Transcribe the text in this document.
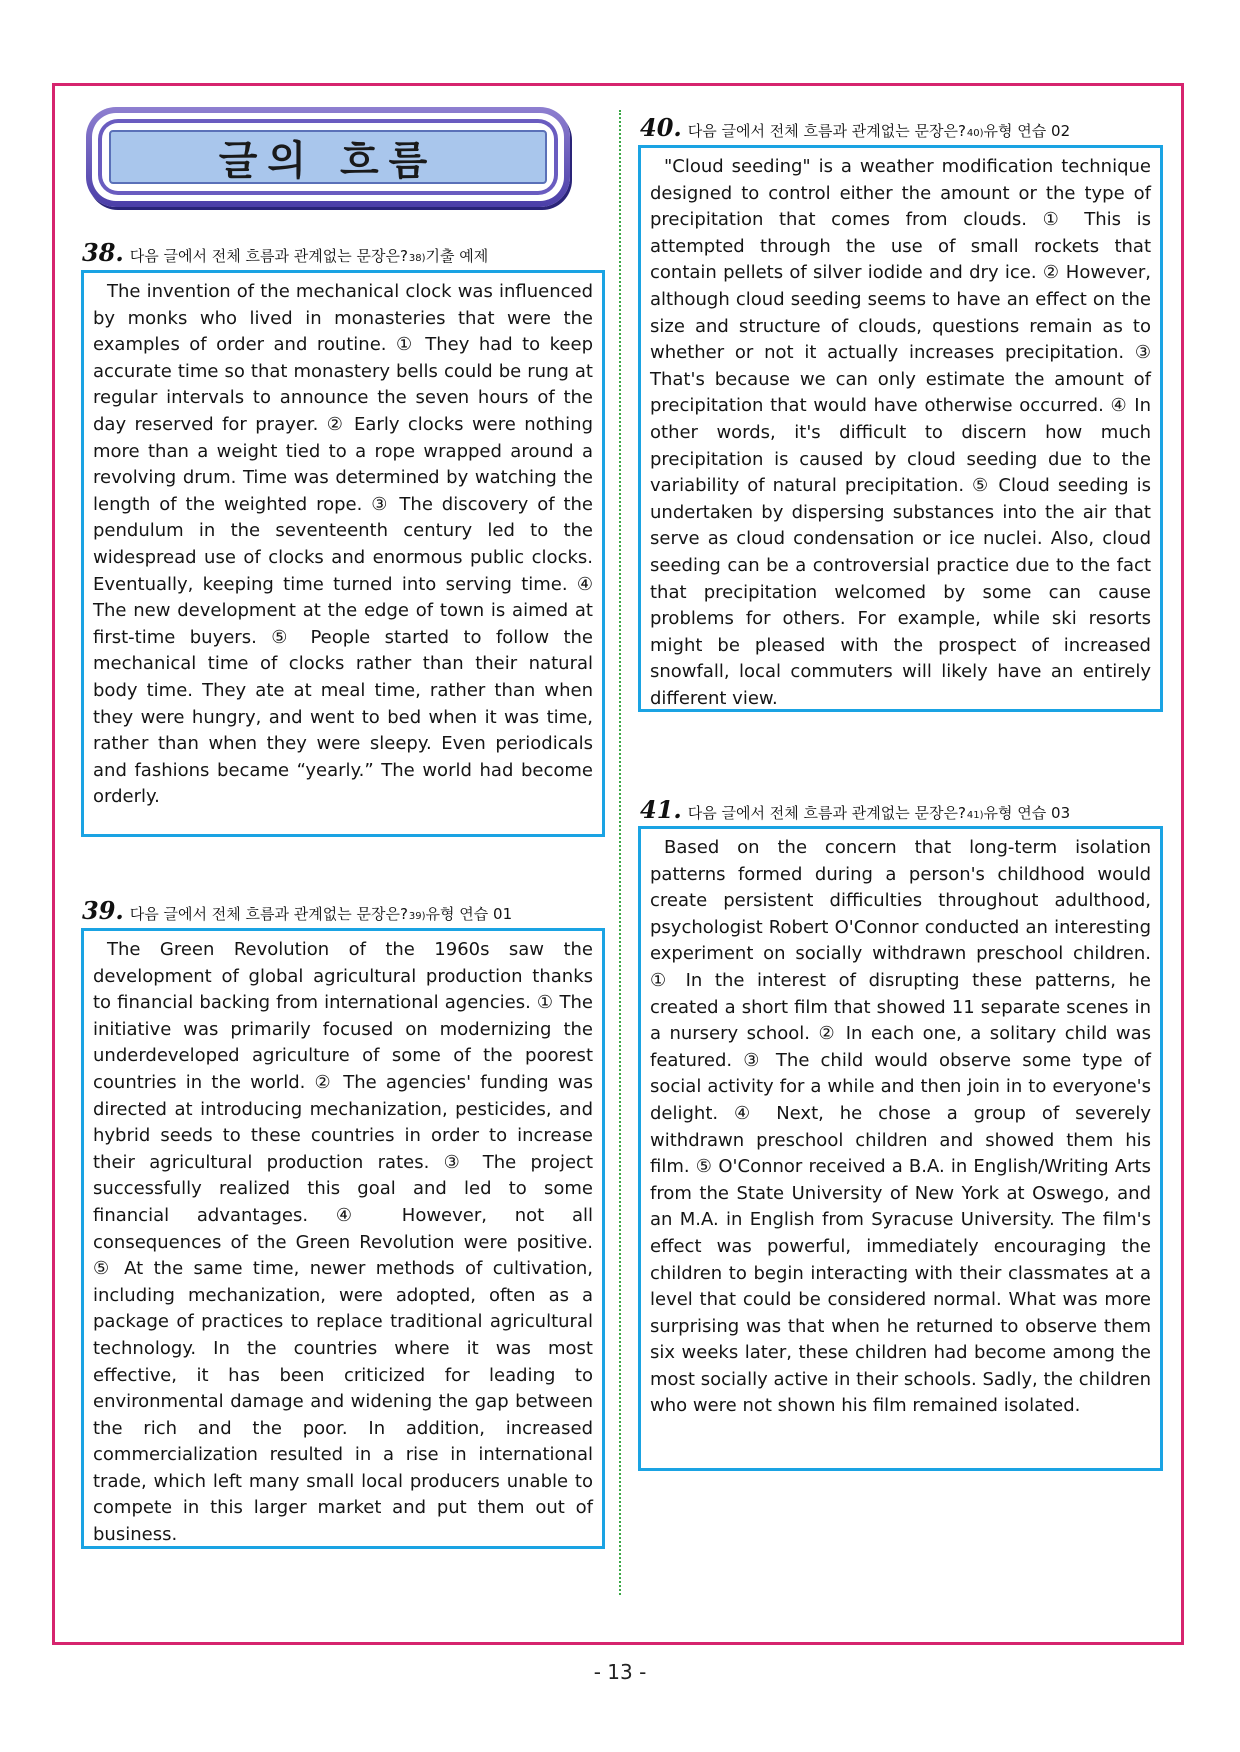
글의 흐름
38. 다음 글에서 전체 흐름과 관계없는 문장은? 38) 기출 예제

The invention of the mechanical clock was influenced by monks who lived in monasteries that were the examples of order and routine. ① They had to keep accurate time so that monastery bells could be rung at regular intervals to announce the seven hours of the day reserved for prayer. ② Early clocks were nothing more than a weight tied to a rope wrapped around a revolving drum. Time was determined by watching the length of the weighted rope. ③ The discovery of the pendulum in the seventeenth century led to the widespread use of clocks and enormous public clocks. Eventually, keeping time turned into serving time. ④ The new development at the edge of town is aimed at first-time buyers. ⑤ People started to follow the mechanical time of clocks rather than their natural body time. They ate at meal time, rather than when they were hungry, and went to bed when it was time, rather than when they were sleepy. Even periodicals and fashions became “yearly.” The world had become orderly.

39. 다음 글에서 전체 흐름과 관계없는 문장은? 39) 유형 연습 01

The Green Revolution of the 1960s saw the development of global agricultural production thanks to financial backing from international agencies. ① The initiative was primarily focused on modernizing the underdeveloped agriculture of some of the poorest countries in the world. ② The agencies' funding was directed at introducing mechanization, pesticides, and hybrid seeds to these countries in order to increase their agricultural production rates. ③ The project successfully realized this goal and led to some financial advantages. ④ However, not all consequences of the Green Revolution were positive. ⑤ At the same time, newer methods of cultivation, including mechanization, were adopted, often as a package of practices to replace traditional agricultural technology. In the countries where it was most effective, it has been criticized for leading to environmental damage and widening the gap between the rich and the poor. In addition, increased commercialization resulted in a rise in international trade, which left many small local producers unable to compete in this larger market and put them out of business.

40. 다음 글에서 전체 흐름과 관계없는 문장은? 40) 유형 연습 02

"Cloud seeding" is a weather modification technique designed to control either the amount or the type of precipitation that comes from clouds. ① This is attempted through the use of small rockets that contain pellets of silver iodide and dry ice. ② However, although cloud seeding seems to have an effect on the size and structure of clouds, questions remain as to whether or not it actually increases precipitation. ③ That's because we can only estimate the amount of precipitation that would have otherwise occurred. ④ In other words, it's difficult to discern how much precipitation is caused by cloud seeding due to the variability of natural precipitation. ⑤ Cloud seeding is undertaken by dispersing substances into the air that serve as cloud condensation or ice nuclei. Also, cloud seeding can be a controversial practice due to the fact that precipitation welcomed by some can cause problems for others. For example, while ski resorts might be pleased with the prospect of increased snowfall, local commuters will likely have an entirely different view.

41. 다음 글에서 전체 흐름과 관계없는 문장은? 41) 유형 연습 03

Based on the concern that long-term isolation patterns formed during a person's childhood would create persistent difficulties throughout adulthood, psychologist Robert O'Connor conducted an interesting experiment on socially withdrawn preschool children. ① In the interest of disrupting these patterns, he created a short film that showed 11 separate scenes in a nursery school. ② In each one, a solitary child was featured. ③ The child would observe some type of social activity for a while and then join in to everyone's delight. ④ Next, he chose a group of severely withdrawn preschool children and showed them his film. ⑤ O'Connor received a B.A. in English/Writing Arts from the State University of New York at Oswego, and an M.A. in English from Syracuse University. The film's effect was powerful, immediately encouraging the children to begin interacting with their classmates at a level that could be considered normal. What was more surprising was that when he returned to observe them six weeks later, these children had become among the most socially active in their schools. Sadly, the children who were not shown his film remained isolated.

- 13 -
